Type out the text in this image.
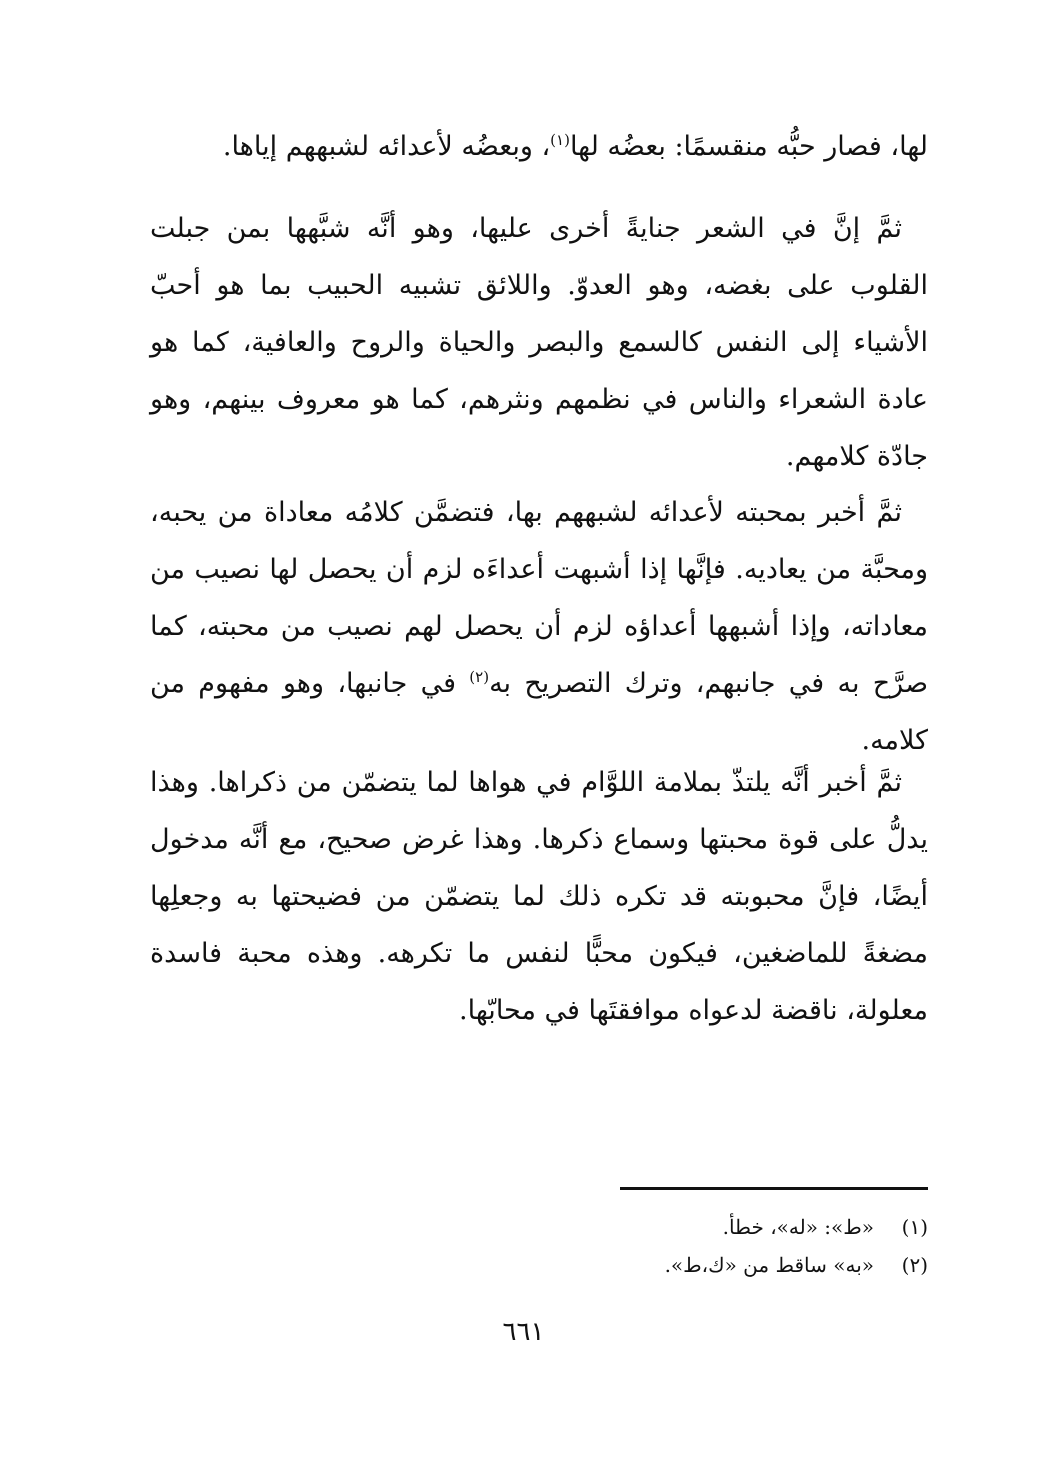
لها، فصار حبُّه منقسمًا: بعضُه لها$^{(١)}$، وبعضُه لأعدائه لشبههم إياها.

ثمَّ إنَّ في الشعر جنايةً أخرى عليها، وهو أنَّه شبَّهها بمن جبلت القلوب على بغضه، وهو العدوّ. واللائق تشبيه الحبيب بما هو أحبّ الأشياء إلى النفس كالسمع والبصر والحياة والروح والعافية، كما هو عادة الشعراء والناس في نظمهم ونثرهم، كما هو معروف بينهم، وهو جادّة كلامهم.

ثمَّ أخبر بمحبته لأعدائه لشبههم بها، فتضمَّن كلامُه معاداة من يحبه، ومحبَّة من يعاديه. فإنَّها إذا أشبهت أعداءَه لزم أن يحصل لها نصيب من معاداته، وإذا أشبهها أعداؤه لزم أن يحصل لهم نصيب من محبته، كما صرَّح به في جانبهم، وترك التصريح به$^{(٢)}$ في جانبها، وهو مفهوم من كلامه.

ثمَّ أخبر أنَّه يلتذّ بملامة اللوَّام في هواها لما يتضمّن من ذكراها. وهذا يدلُّ على قوة محبتها وسماع ذكرها. وهذا غرض صحيح، مع أنَّه مدخول أيضًا، فإنَّ محبوبته قد تكره ذلك لما يتضمّن من فضيحتها به وجعلِها مضغةً للماضغين، فيكون محبًّا لنفس ما تكرهه. وهذه محبة فاسدة معلولة، ناقضة لدعواه موافقتَها في محابّها.

(١)«ط»: «له»، خطأ.
(٢)«به» ساقط من «ك،ط».
٦٦١
